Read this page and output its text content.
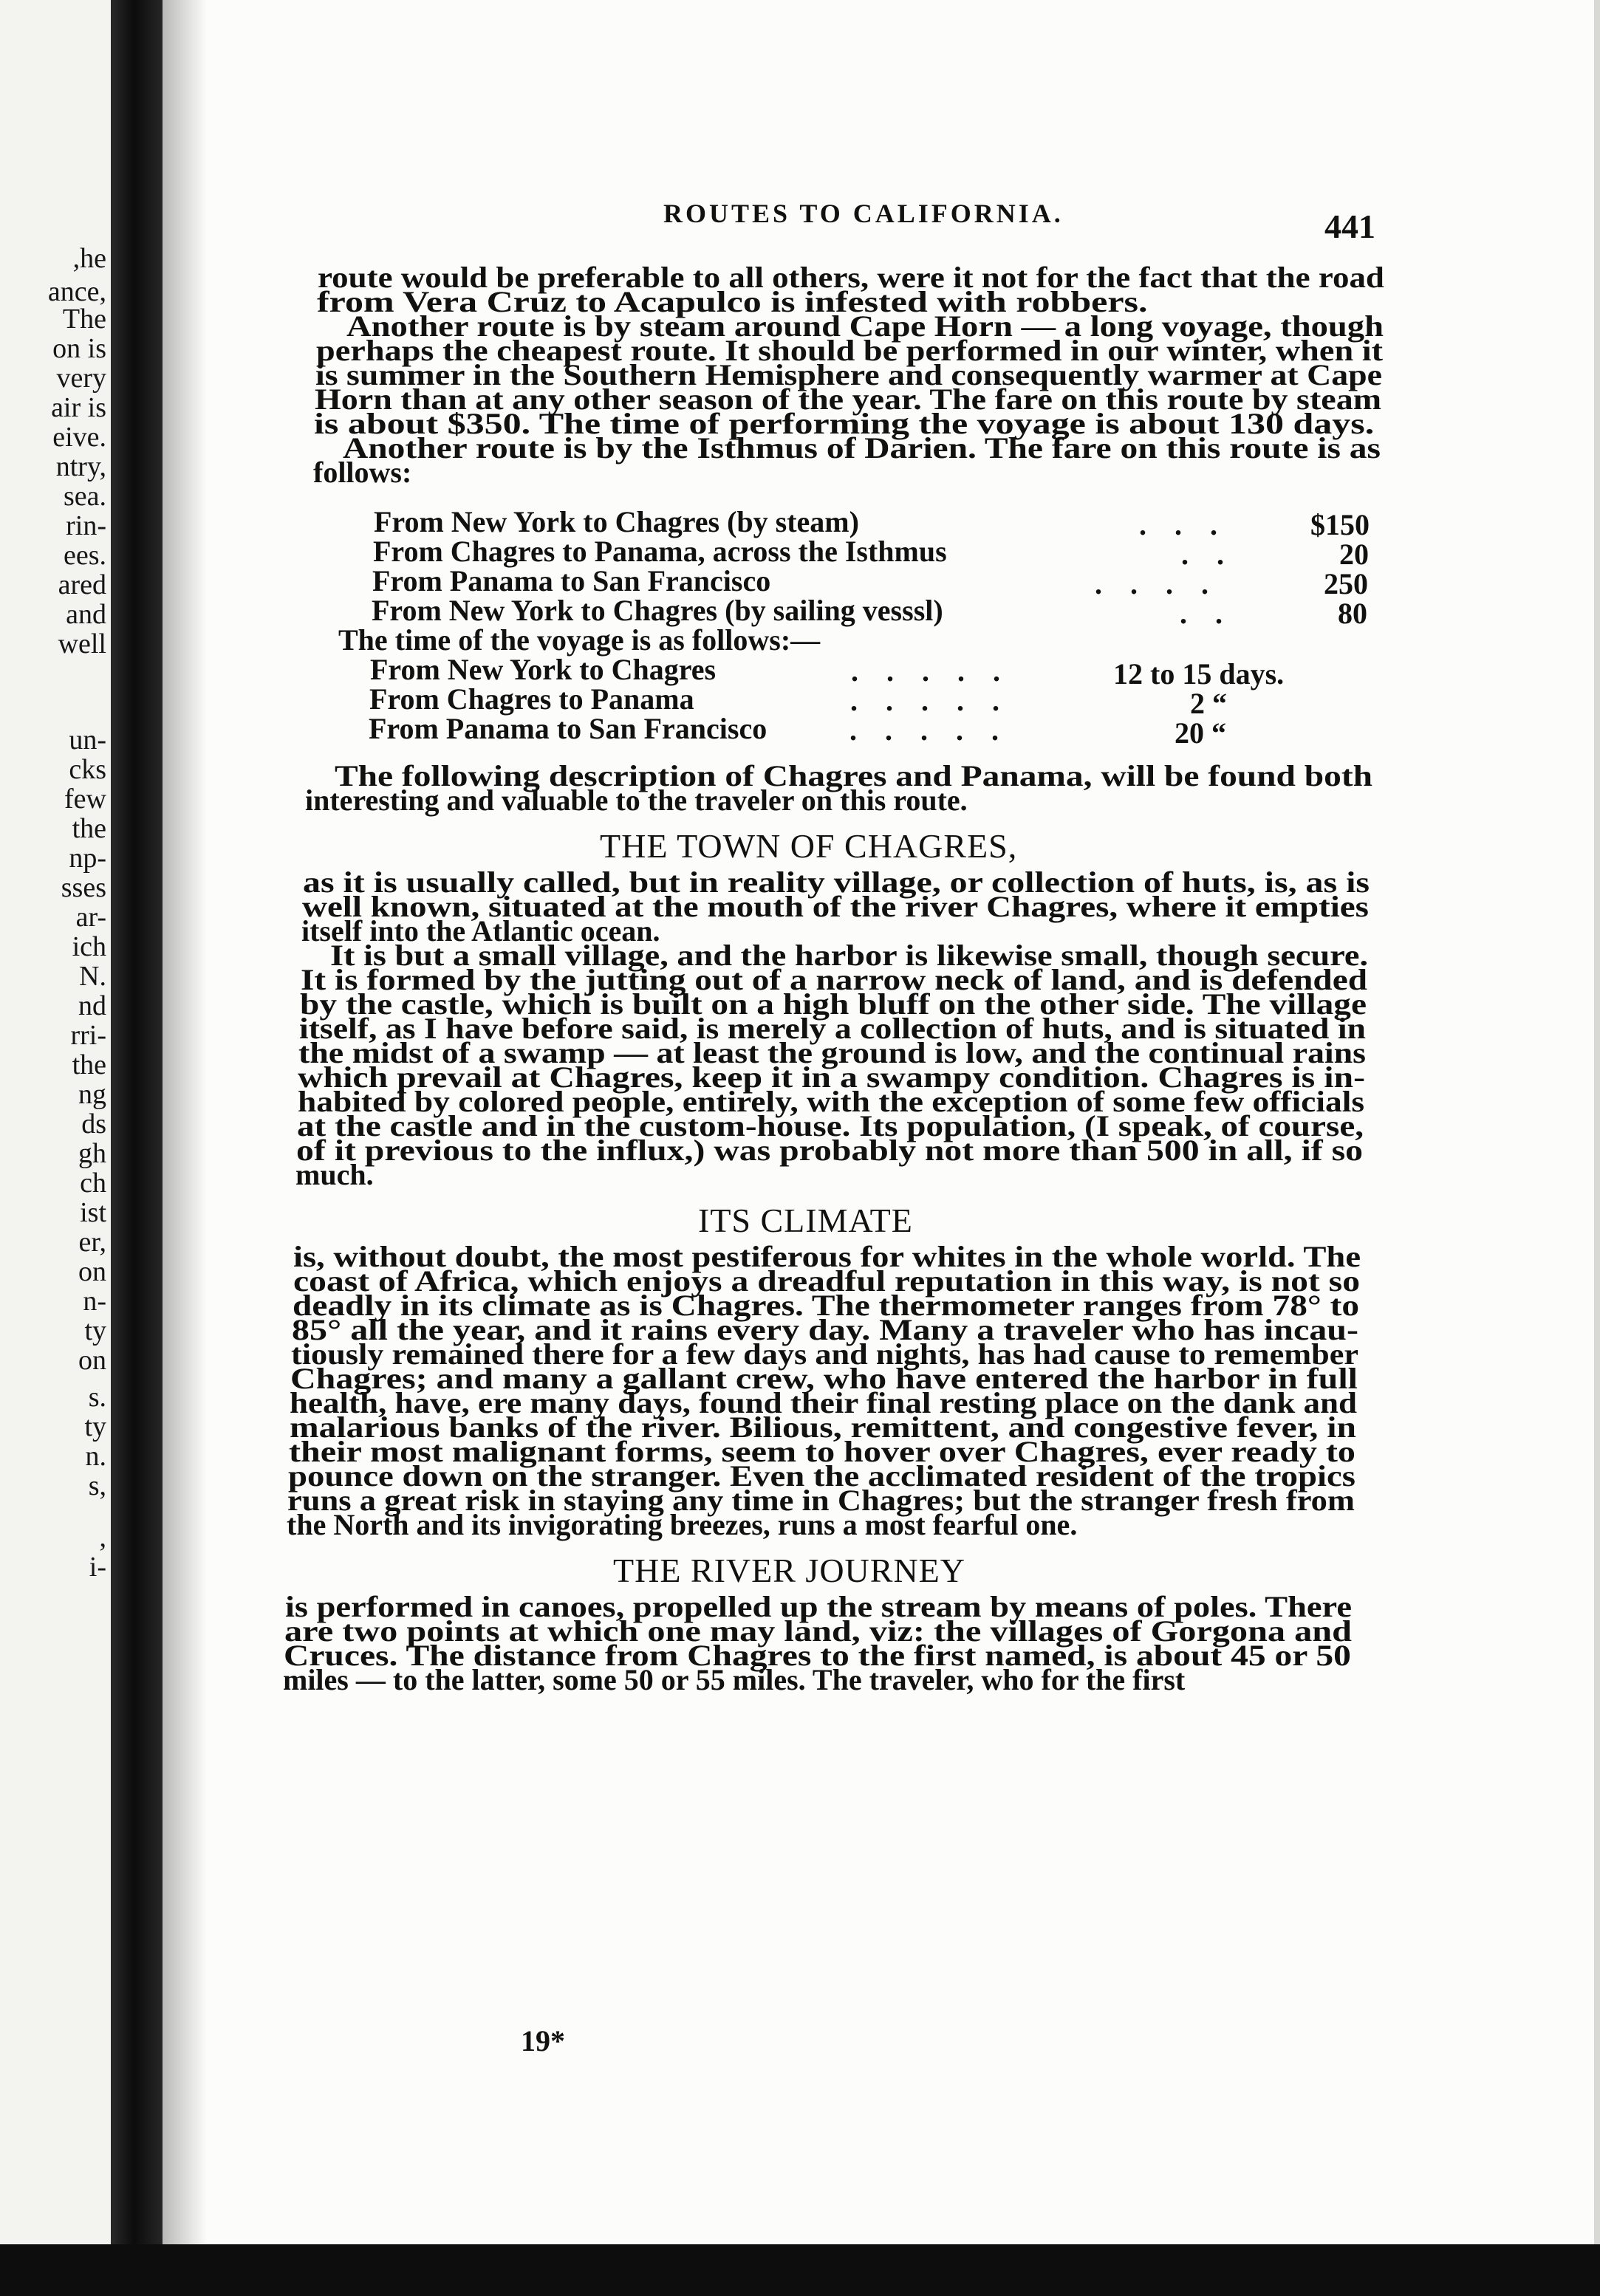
,he
ance,
The
on is
very
air is
eive.
ntry,
sea.
rin-
ees.
ared
and
well
un-
cks
few
the
np-
sses
ar-
ich
N.
nd
rri-
the
ng
ds
gh
ch
ist
er,
on
n-
ty
on
s.
ty
n.
s,
,
i-
ROUTES TO CALIFORNIA.	441
route would be preferable to all others, were it not for the fact that the road
from Vera Cruz to Acapulco is infested with robbers.
Another route is by steam around Cape Horn — a long voyage, though
perhaps the cheapest route. It should be performed in our winter, when it
is summer in the Southern Hemisphere and consequently warmer at Cape
Horn than at any other season of the year. The fare on this route by steam
is about $350. The time of performing the voyage is about 130 days.
Another route is by the Isthmus of Darien. The fare on this route is as
follows:
From New York to Chagres (by steam)	...	$150
From Chagres to Panama, across the Isthmus	..	20
From Panama to San Francisco	....	250
From New York to Chagres (by sailing vesssl)	..	80
The time of the voyage is as follows:—
From New York to Chagres	.....	12 to 15 days.
From Chagres to Panama	.....	2 “
From Panama to San Francisco	.....	20 “
The following description of Chagres and Panama, will be found both
interesting and valuable to the traveler on this route.
THE TOWN OF CHAGRES,
as it is usually called, but in reality village, or collection of huts, is, as is
well known, situated at the mouth of the river Chagres, where it empties
itself into the Atlantic ocean.
It is but a small village, and the harbor is likewise small, though secure.
It is formed by the jutting out of a narrow neck of land, and is defended
by the castle, which is built on a high bluff on the other side. The village
itself, as I have before said, is merely a collection of huts, and is situated in
the midst of a swamp — at least the ground is low, and the continual rains
which prevail at Chagres, keep it in a swampy condition. Chagres is in-
habited by colored people, entirely, with the exception of some few officials
at the castle and in the custom-house. Its population, (I speak, of course,
of it previous to the influx,) was probably not more than 500 in all, if so
much.
ITS CLIMATE
is, without doubt, the most pestiferous for whites in the whole world. The
coast of Africa, which enjoys a dreadful reputation in this way, is not so
deadly in its climate as is Chagres. The thermometer ranges from 78° to
85° all the year, and it rains every day. Many a traveler who has incau-
tiously remained there for a few days and nights, has had cause to remember
Chagres; and many a gallant crew, who have entered the harbor in full
health, have, ere many days, found their final resting place on the dank and
malarious banks of the river. Bilious, remittent, and congestive fever, in
their most malignant forms, seem to hover over Chagres, ever ready to
pounce down on the stranger. Even the acclimated resident of the tropics
runs a great risk in staying any time in Chagres; but the stranger fresh from
the North and its invigorating breezes, runs a most fearful one.
THE RIVER JOURNEY
is performed in canoes, propelled up the stream by means of poles. There
are two points at which one may land, viz: the villages of Gorgona and
Cruces. The distance from Chagres to the first named, is about 45 or 50
miles — to the latter, some 50 or 55 miles. The traveler, who for the first
19*
